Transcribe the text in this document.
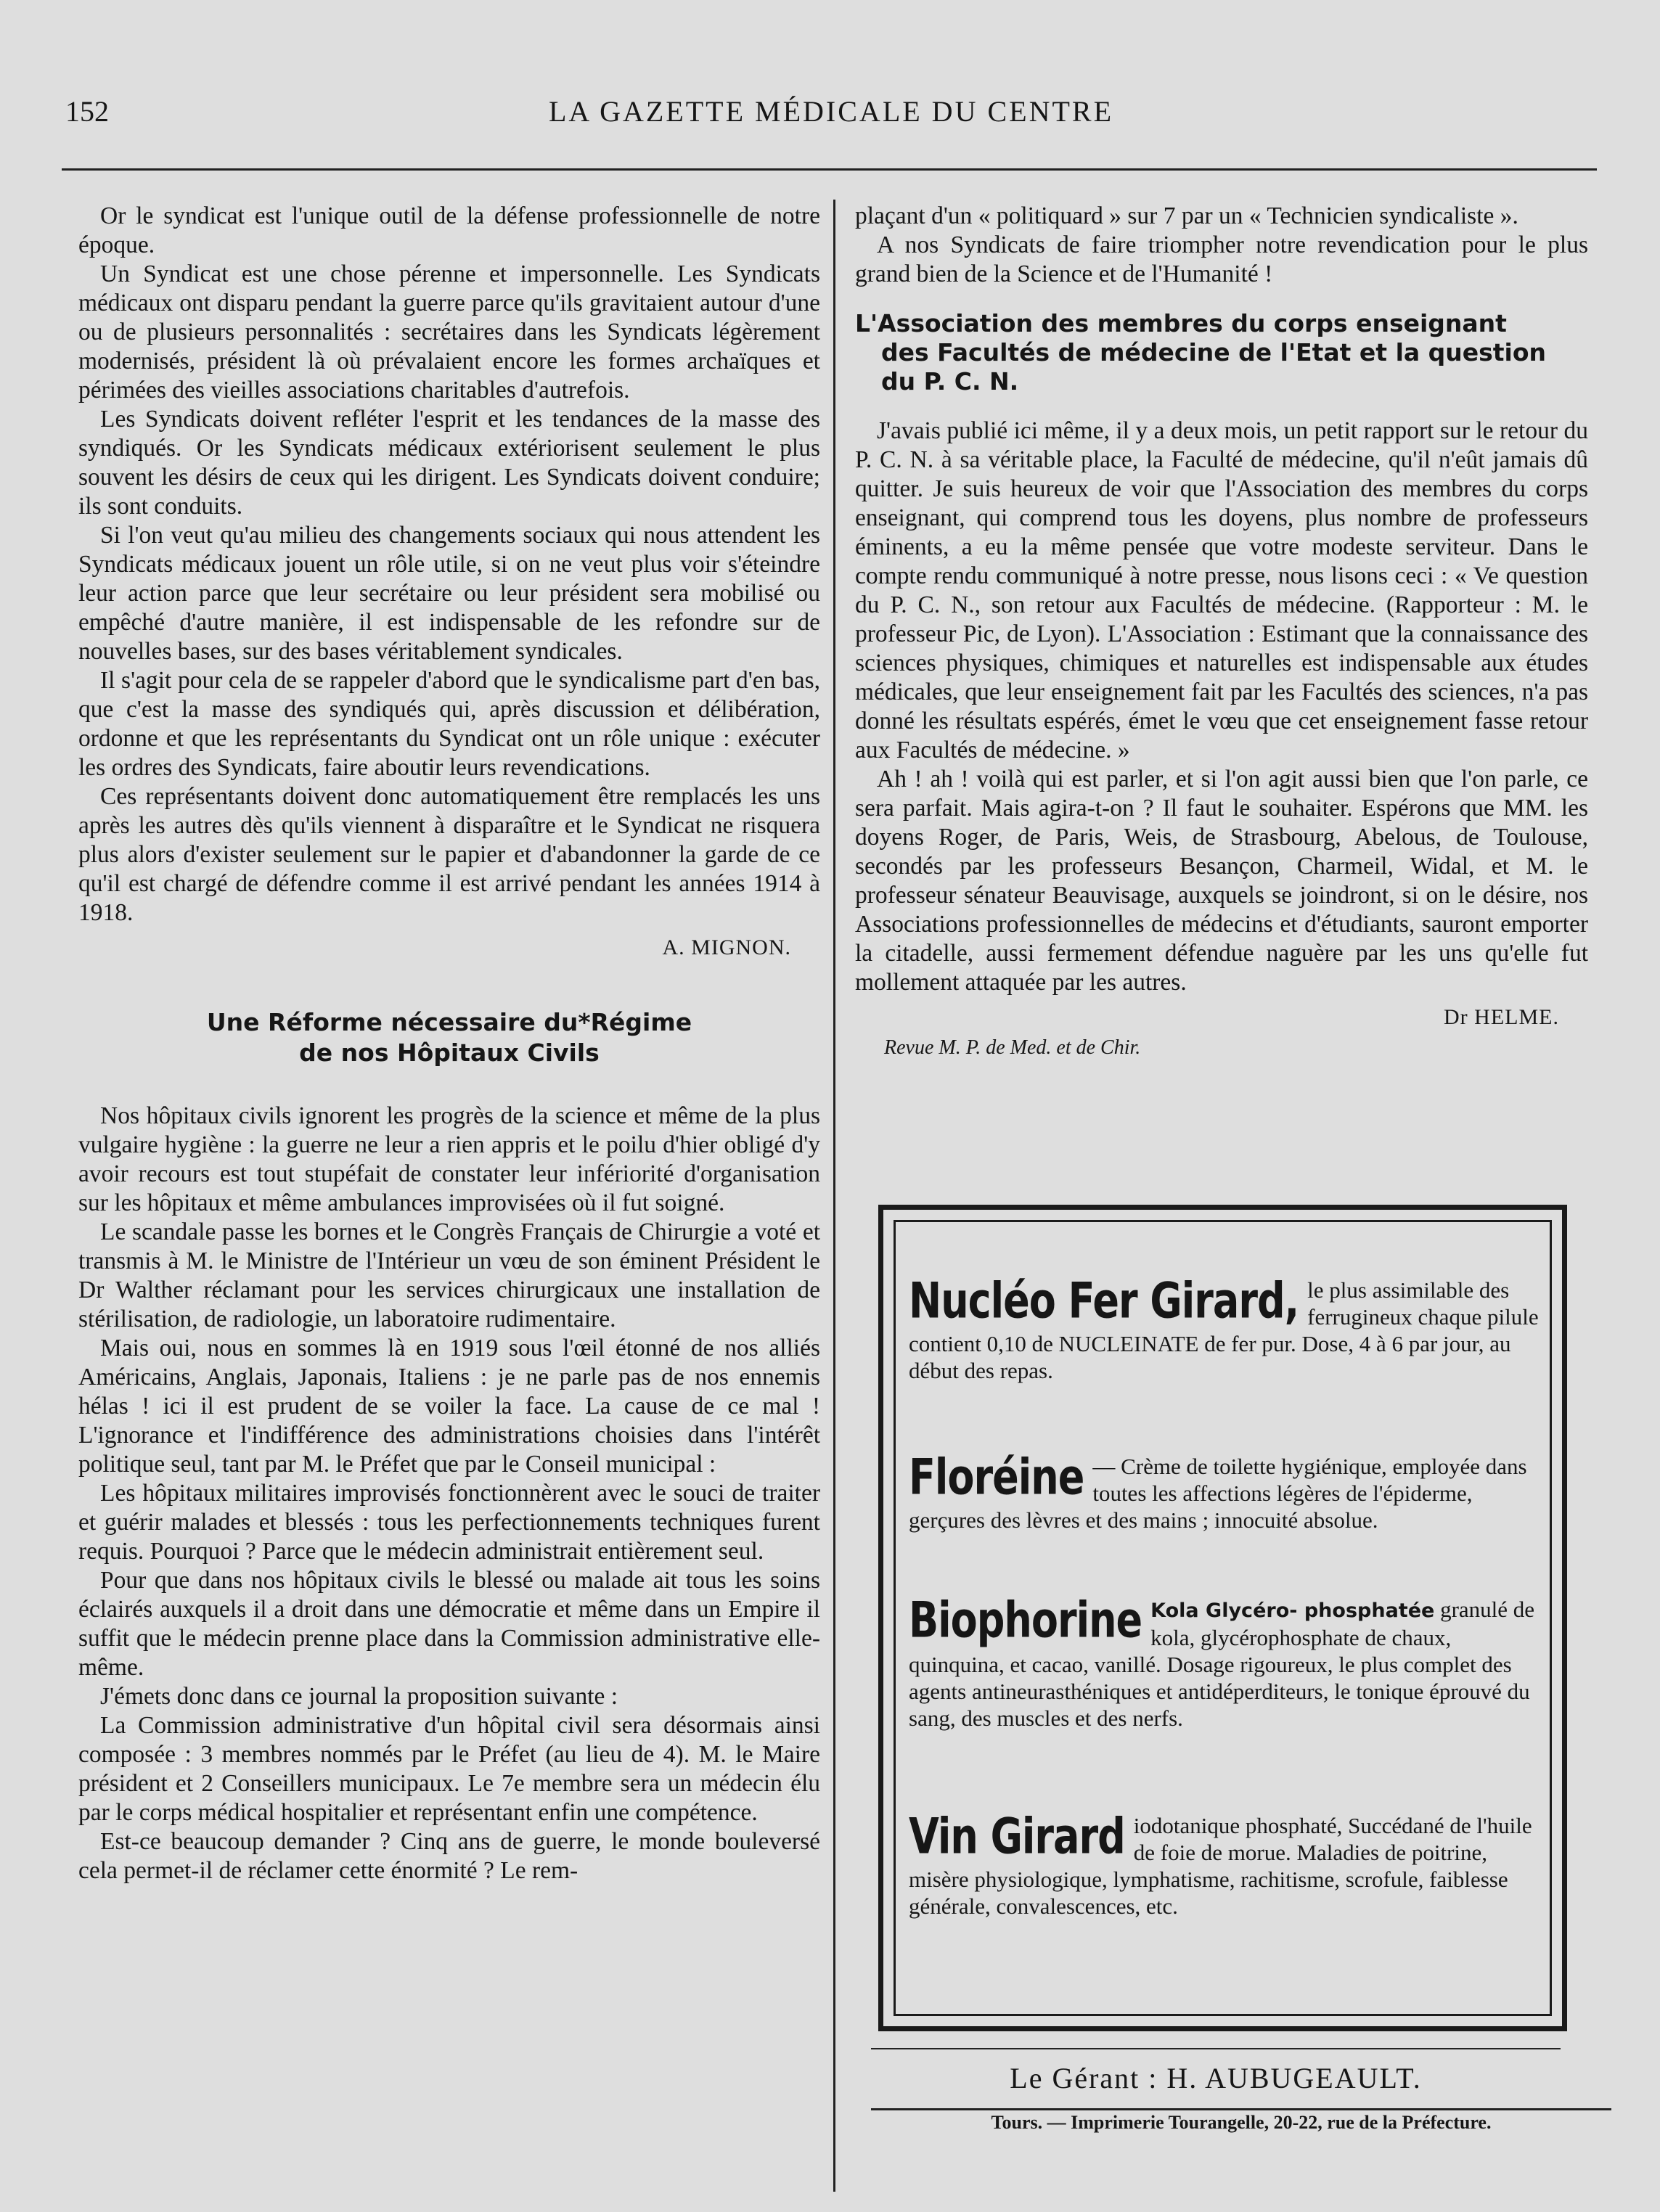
152	LA GAZETTE MÉDICALE DU CENTRE

Or le syndicat est l'unique outil de la défense professionnelle de notre époque.

Un Syndicat est une chose pérenne et impersonnelle. Les Syndicats médicaux ont disparu pendant la guerre parce qu'ils gravitaient autour d'une ou de plusieurs personnalités : secrétaires dans les Syndicats légèrement modernisés, président là où prévalaient encore les formes archaïques et périmées des vieilles associations charitables d'autrefois.

Les Syndicats doivent refléter l'esprit et les tendances de la masse des syndiqués. Or les Syndicats médicaux extériorisent seulement le plus souvent les désirs de ceux qui les dirigent. Les Syndicats doivent conduire; ils sont conduits.

Si l'on veut qu'au milieu des changements sociaux qui nous attendent les Syndicats médicaux jouent un rôle utile, si on ne veut plus voir s'éteindre leur action parce que leur secrétaire ou leur président sera mobilisé ou empêché d'autre manière, il est indispensable de les refondre sur de nouvelles bases, sur des bases véritablement syndicales.

Il s'agit pour cela de se rappeler d'abord que le syndicalisme part d'en bas, que c'est la masse des syndiqués qui, après discussion et délibération, ordonne et que les représentants du Syndicat ont un rôle unique : exécuter les ordres des Syndicats, faire aboutir leurs revendications.

Ces représentants doivent donc automatiquement être remplacés les uns après les autres dès qu'ils viennent à disparaître et le Syndicat ne risquera plus alors d'exister seulement sur le papier et d'abandonner la garde de ce qu'il est chargé de défendre comme il est arrivé pendant les années 1914 à 1918.

A. MIGNON.
Une Réforme nécessaire du*Régime
de nos Hôpitaux Civils

Nos hôpitaux civils ignorent les progrès de la science et même de la plus vulgaire hygiène : la guerre ne leur a rien appris et le poilu d'hier obligé d'y avoir recours est tout stupéfait de constater leur infériorité d'organisation sur les hôpitaux et même ambulances improvisées où il fut soigné.

Le scandale passe les bornes et le Congrès Français de Chirurgie a voté et transmis à M. le Ministre de l'Intérieur un vœu de son éminent Président le Dr Walther réclamant pour les services chirurgicaux une installation de stérilisation, de radiologie, un laboratoire rudimentaire.

Mais oui, nous en sommes là en 1919 sous l'œil étonné de nos alliés Américains, Anglais, Japonais, Italiens : je ne parle pas de nos ennemis hélas ! ici il est prudent de se voiler la face. La cause de ce mal ! L'ignorance et l'indifférence des administrations choisies dans l'intérêt politique seul, tant par M. le Préfet que par le Conseil municipal :

Les hôpitaux militaires improvisés fonctionnèrent avec le souci de traiter et guérir malades et blessés : tous les perfectionnements techniques furent requis. Pourquoi ? Parce que le médecin administrait entièrement seul.

Pour que dans nos hôpitaux civils le blessé ou malade ait tous les soins éclairés auxquels il a droit dans une démocratie et même dans un Empire il suffit que le médecin prenne place dans la Commission administrative elle-même.

J'émets donc dans ce journal la proposition suivante :

La Commission administrative d'un hôpital civil sera désormais ainsi composée : 3 membres nommés par le Préfet (au lieu de 4). M. le Maire président et 2 Conseillers municipaux. Le 7e membre sera un médecin élu par le corps médical hospitalier et représentant enfin une compétence.

Est-ce beaucoup demander ? Cinq ans de guerre, le monde bouleversé cela permet-il de réclamer cette énormité ? Le rem-

plaçant d'un « politiquard » sur 7 par un « Technicien syndicaliste ».

A nos Syndicats de faire triompher notre revendication pour le plus grand bien de la Science et de l'Humanité !

L'Association des membres du corps enseignant
des Facultés de médecine de l'Etat et la question
du P. C. N.

J'avais publié ici même, il y a deux mois, un petit rapport sur le retour du P. C. N. à sa véritable place, la Faculté de médecine, qu'il n'eût jamais dû quitter. Je suis heureux de voir que l'Association des membres du corps enseignant, qui comprend tous les doyens, plus nombre de professeurs éminents, a eu la même pensée que votre modeste serviteur. Dans le compte rendu communiqué à notre presse, nous lisons ceci : « Ve question du P. C. N., son retour aux Facultés de médecine. (Rapporteur : M. le professeur Pic, de Lyon). L'Association : Estimant que la connaissance des sciences physiques, chimiques et naturelles est indispensable aux études médicales, que leur enseignement fait par les Facultés des sciences, n'a pas donné les résultats espérés, émet le vœu que cet enseignement fasse retour aux Facultés de médecine. »

Ah ! ah ! voilà qui est parler, et si l'on agit aussi bien que l'on parle, ce sera parfait. Mais agira-t-on ? Il faut le souhaiter. Espérons que MM. les doyens Roger, de Paris, Weis, de Strasbourg, Abelous, de Toulouse, secondés par les professeurs Besançon, Charmeil, Widal, et M. le professeur sénateur Beauvisage, auxquels se joindront, si on le désire, nos Associations professionnelles de médecins et d'étudiants, sauront emporter la citadelle, aussi fermement défendue naguère par les uns qu'elle fut mollement attaquée par les autres.

Dr HELME.
Revue M. P. de Med. et de Chir.
Nucléo Fer Girard, le plus assimilable des ferrugineux chaque pilule contient 0,10 de NUCLEINATE de fer pur. Dose, 4 à 6 par jour, au début des repas.
Floréine — Crème de toilette hygiénique, employée dans toutes les affections légères de l'épiderme, gerçures des lèvres et des mains ; innocuité absolue.
Biophorine Kola Glycéro- phosphatée granulé de kola, glycérophosphate de chaux, quinquina, et cacao, vanillé. Dosage rigoureux, le plus complet des agents antineurasthéniques et antidéperditeurs, le tonique éprouvé du sang, des muscles et des nerfs.
Vin Girard iodotanique phosphaté, Succédané de l'huile de foie de morue. Maladies de poitrine, misère physiologique, lymphatisme, rachitisme, scrofule, faiblesse générale, convalescences, etc.
Le Gérant : H. AUBUGEAULT.
Tours. — Imprimerie Tourangelle, 20-22, rue de la Préfecture.
